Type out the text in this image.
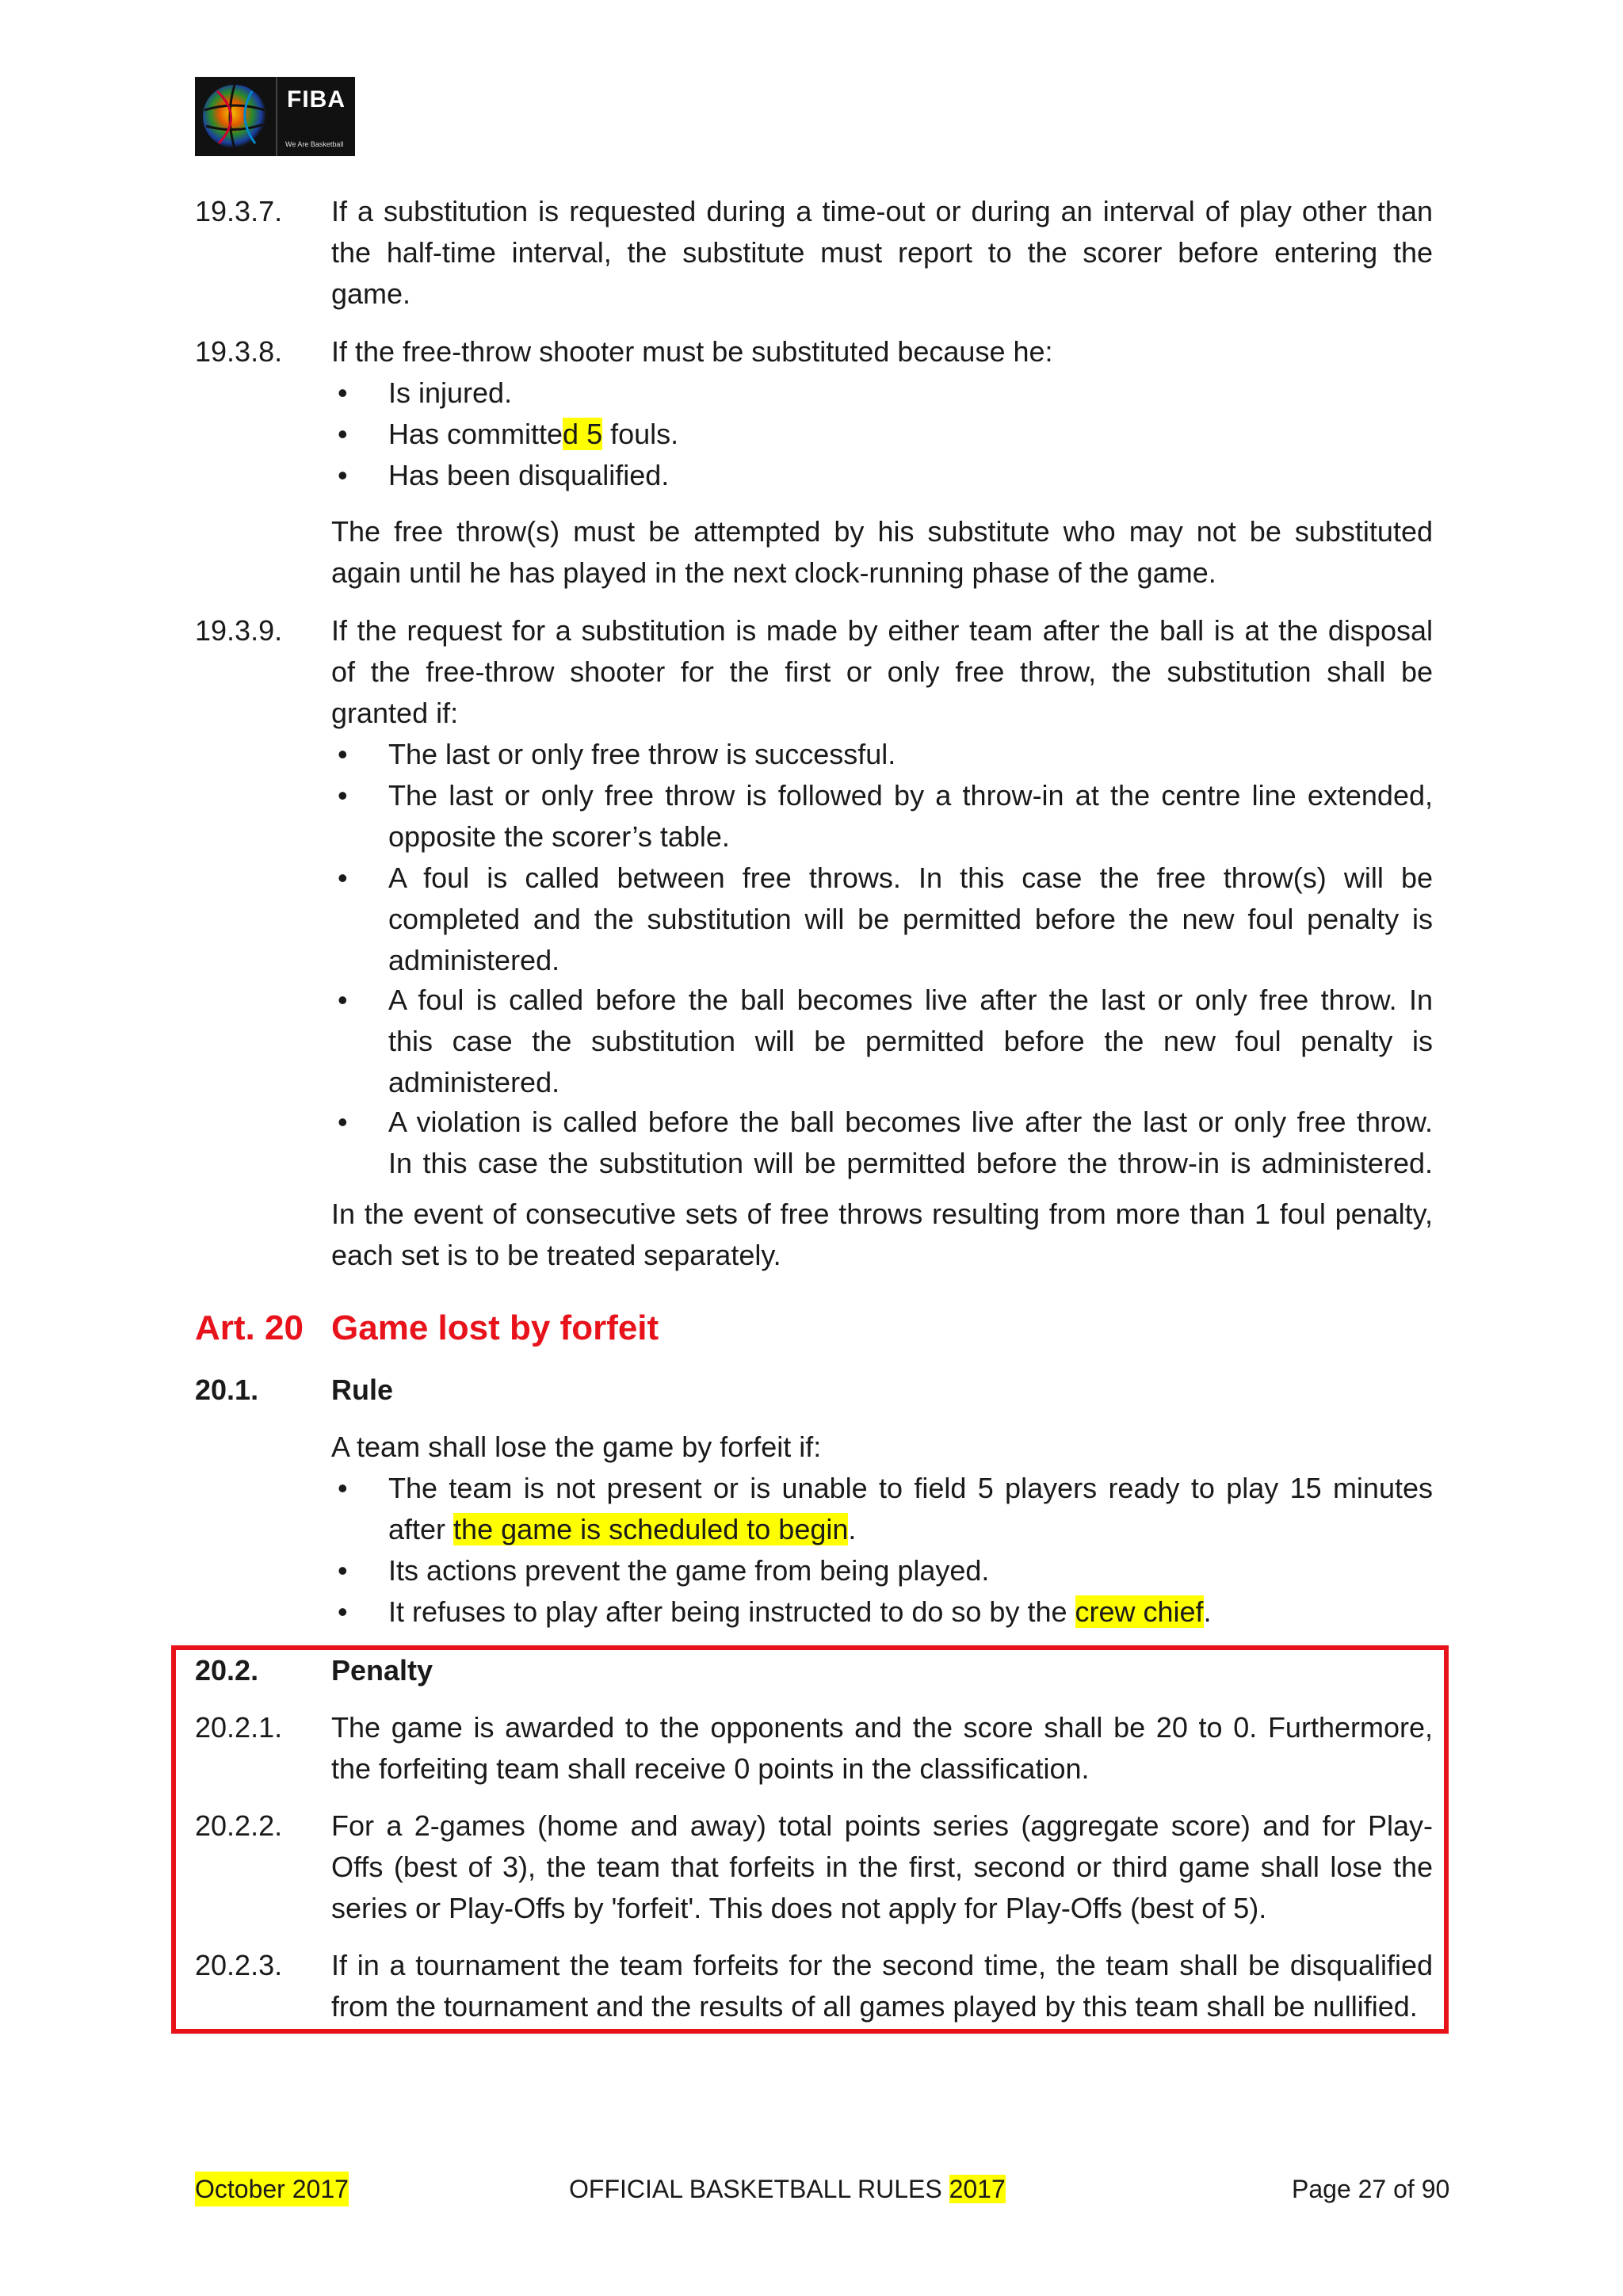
FIBA
We Are Basketball
19.3.7. If a substitution is requested during a time-out or during an interval of play other than
the half-time interval, the substitute must report to the scorer before entering the
game.
19.3.8. If the free-throw shooter must be substituted because he:
• Is injured.
• Has committed 5 fouls.
• Has been disqualified.
The free throw(s) must be attempted by his substitute who may not be substituted
again until he has played in the next clock-running phase of the game.
19.3.9. If the request for a substitution is made by either team after the ball is at the disposal
of the free-throw shooter for the first or only free throw, the substitution shall be
granted if:
• The last or only free throw is successful.
• The last or only free throw is followed by a throw-in at the centre line extended,
opposite the scorer’s table.
• A foul is called between free throws. In this case the free throw(s) will be
completed and the substitution will be permitted before the new foul penalty is
administered.
• A foul is called before the ball becomes live after the last or only free throw. In
this case the substitution will be permitted before the new foul penalty is
administered.
• A violation is called before the ball becomes live after the last or only free throw.
In this case the substitution will be permitted before the throw-in is administered.
In the event of consecutive sets of free throws resulting from more than 1 foul penalty,
each set is to be treated separately.
Art. 20 Game lost by forfeit
20.1.	Rule
A team shall lose the game by forfeit if:
• The team is not present or is unable to field 5 players ready to play 15 minutes
after the game is scheduled to begin.
• Its actions prevent the game from being played.
• It refuses to play after being instructed to do so by the crew chief.
20.2.	Penalty
20.2.1. The game is awarded to the opponents and the score shall be 20 to 0. Furthermore,
the forfeiting team shall receive 0 points in the classification.
20.2.2. For a 2-games (home and away) total points series (aggregate score) and for Play-
Offs (best of 3), the team that forfeits in the first, second or third game shall lose the
series or Play-Offs by 'forfeit'. This does not apply for Play-Offs (best of 5).
20.2.3. If in a tournament the team forfeits for the second time, the team shall be disqualified
from the tournament and the results of all games played by this team shall be nullified.
October 2017	OFFICIAL BASKETBALL RULES 2017	Page 27 of 90
